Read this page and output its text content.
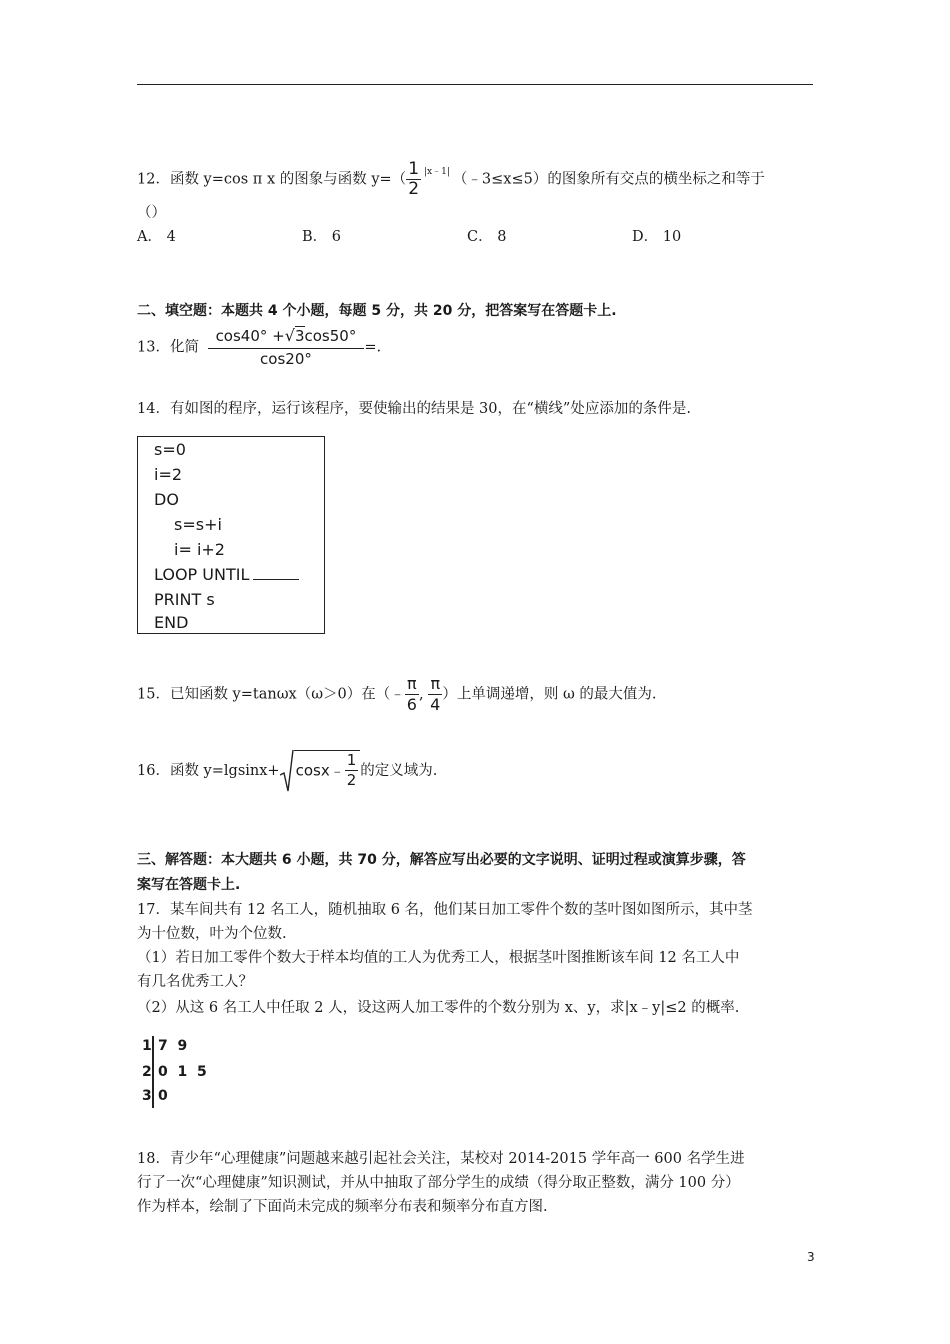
12．函数 y=cos π x 的图象与函数 $y=( \frac{1}{2} ^{|x﹣1|}$ （﹣3≤x≤5）的图象所有交点的横坐标之和等于
（）
A． 4	B． 6	C． 8	D． 10
二、填空题：本题共 4 个小题，每题 5 分，共 20 分，把答案写在答题卡上.
13．化简 $\frac{\cos 40^\circ +√3\cos 50^\circ}{\cos 20^\circ}$ =.
14．有如图的程序，运行该程序，要使输出的结果是 30，在“横线”处应添加的条件是.
s=0
i=2
DO
s=s+i
i= i+2
LOOP UNTIL
PRINT s
END
15．已知函数 y=tanωx（ω＞0）在（﹣ $\frac{\pi}{6}$ , $\frac{\pi}{4}$ ）上单调递增，则 ω 的最大值为.
16．函数 y=lgsinx+ cosx﹣ $\frac{1}{2}$ 的定义域为.
三、解答题：本大题共 6 小题，共 70 分，解答应写出必要的文字说明、证明过程或演算步骤，答
案写在答题卡上.
17．某车间共有 12 名工人，随机抽取 6 名，他们某日加工零件个数的茎叶图如图所示，其中茎
为十位数，叶为个位数.
（1）若日加工零件个数大于样本均值的工人为优秀工人，根据茎叶图推断该车间 12 名工人中
有几名优秀工人？
（2）从这 6 名工人中任取 2 人，设这两人加工零件的个数分别为 x、y，求|x﹣y|≤2 的概率.
1 7  9
2 0  1  5
3 0
18．青少年“心理健康”问题越来越引起社会关注，某校对 2014-2015 学年高一 600 名学生进
行了一次“心理健康”知识测试，并从中抽取了部分学生的成绩（得分取正整数，满分 100 分）
作为样本，绘制了下面尚未完成的频率分布表和频率分布直方图.
3
